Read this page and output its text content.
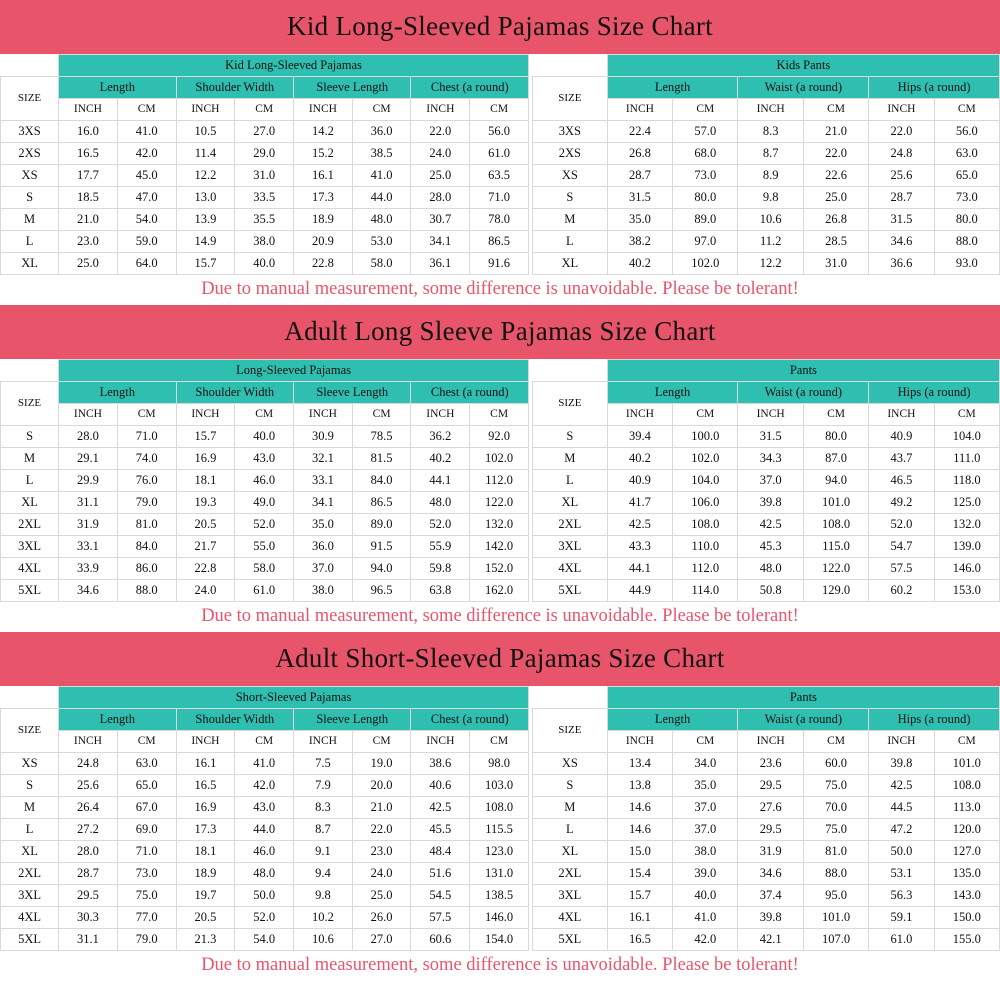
Kid Long-Sleeved Pajamas Size Chart
	Kid Long-Sleeved Pajamas							
SIZE	Length		Shoulder Width		Sleeve Length		Chest (a round)	
	INCH	CM	INCH	CM	INCH	CM	INCH	CM
3XS	16.0	41.0	10.5	27.0	14.2	36.0	22.0	56.0
2XS	16.5	42.0	11.4	29.0	15.2	38.5	24.0	61.0
XS	17.7	45.0	12.2	31.0	16.1	41.0	25.0	63.5
S	18.5	47.0	13.0	33.5	17.3	44.0	28.0	71.0
M	21.0	54.0	13.9	35.5	18.9	48.0	30.7	78.0
L	23.0	59.0	14.9	38.0	20.9	53.0	34.1	86.5
XL	25.0	64.0	15.7	40.0	22.8	58.0	36.1	91.6
	Kids Pants					
SIZE	Length		Waist (a round)		Hips (a round)	
	INCH	CM	INCH	CM	INCH	CM
3XS	22.4	57.0	8.3	21.0	22.0	56.0
2XS	26.8	68.0	8.7	22.0	24.8	63.0
XS	28.7	73.0	8.9	22.6	25.6	65.0
S	31.5	80.0	9.8	25.0	28.7	73.0
M	35.0	89.0	10.6	26.8	31.5	80.0
L	38.2	97.0	11.2	28.5	34.6	88.0
XL	40.2	102.0	12.2	31.0	36.6	93.0
Due to manual measurement, some difference is unavoidable. Please be tolerant!
Adult Long Sleeve Pajamas Size Chart
	Long-Sleeved Pajamas							
SIZE	Length		Shoulder Width		Sleeve Length		Chest (a round)	
	INCH	CM	INCH	CM	INCH	CM	INCH	CM
S	28.0	71.0	15.7	40.0	30.9	78.5	36.2	92.0
M	29.1	74.0	16.9	43.0	32.1	81.5	40.2	102.0
L	29.9	76.0	18.1	46.0	33.1	84.0	44.1	112.0
XL	31.1	79.0	19.3	49.0	34.1	86.5	48.0	122.0
2XL	31.9	81.0	20.5	52.0	35.0	89.0	52.0	132.0
3XL	33.1	84.0	21.7	55.0	36.0	91.5	55.9	142.0
4XL	33.9	86.0	22.8	58.0	37.0	94.0	59.8	152.0
5XL	34.6	88.0	24.0	61.0	38.0	96.5	63.8	162.0
	Pants					
SIZE	Length		Waist (a round)		Hips (a round)	
	INCH	CM	INCH	CM	INCH	CM
S	39.4	100.0	31.5	80.0	40.9	104.0
M	40.2	102.0	34.3	87.0	43.7	111.0
L	40.9	104.0	37.0	94.0	46.5	118.0
XL	41.7	106.0	39.8	101.0	49.2	125.0
2XL	42.5	108.0	42.5	108.0	52.0	132.0
3XL	43.3	110.0	45.3	115.0	54.7	139.0
4XL	44.1	112.0	48.0	122.0	57.5	146.0
5XL	44.9	114.0	50.8	129.0	60.2	153.0
Due to manual measurement, some difference is unavoidable. Please be tolerant!
Adult Short-Sleeved Pajamas Size Chart
	Short-Sleeved Pajamas							
SIZE	Length		Shoulder Width		Sleeve Length		Chest (a round)	
	INCH	CM	INCH	CM	INCH	CM	INCH	CM
XS	24.8	63.0	16.1	41.0	7.5	19.0	38.6	98.0
S	25.6	65.0	16.5	42.0	7.9	20.0	40.6	103.0
M	26.4	67.0	16.9	43.0	8.3	21.0	42.5	108.0
L	27.2	69.0	17.3	44.0	8.7	22.0	45.5	115.5
XL	28.0	71.0	18.1	46.0	9.1	23.0	48.4	123.0
2XL	28.7	73.0	18.9	48.0	9.4	24.0	51.6	131.0
3XL	29.5	75.0	19.7	50.0	9.8	25.0	54.5	138.5
4XL	30.3	77.0	20.5	52.0	10.2	26.0	57.5	146.0
5XL	31.1	79.0	21.3	54.0	10.6	27.0	60.6	154.0
	Pants					
SIZE	Length		Waist (a round)		Hips (a round)	
	INCH	CM	INCH	CM	INCH	CM
XS	13.4	34.0	23.6	60.0	39.8	101.0
S	13.8	35.0	29.5	75.0	42.5	108.0
M	14.6	37.0	27.6	70.0	44.5	113.0
L	14.6	37.0	29.5	75.0	47.2	120.0
XL	15.0	38.0	31.9	81.0	50.0	127.0
2XL	15.4	39.0	34.6	88.0	53.1	135.0
3XL	15.7	40.0	37.4	95.0	56.3	143.0
4XL	16.1	41.0	39.8	101.0	59.1	150.0
5XL	16.5	42.0	42.1	107.0	61.0	155.0
Due to manual measurement, some difference is unavoidable. Please be tolerant!
